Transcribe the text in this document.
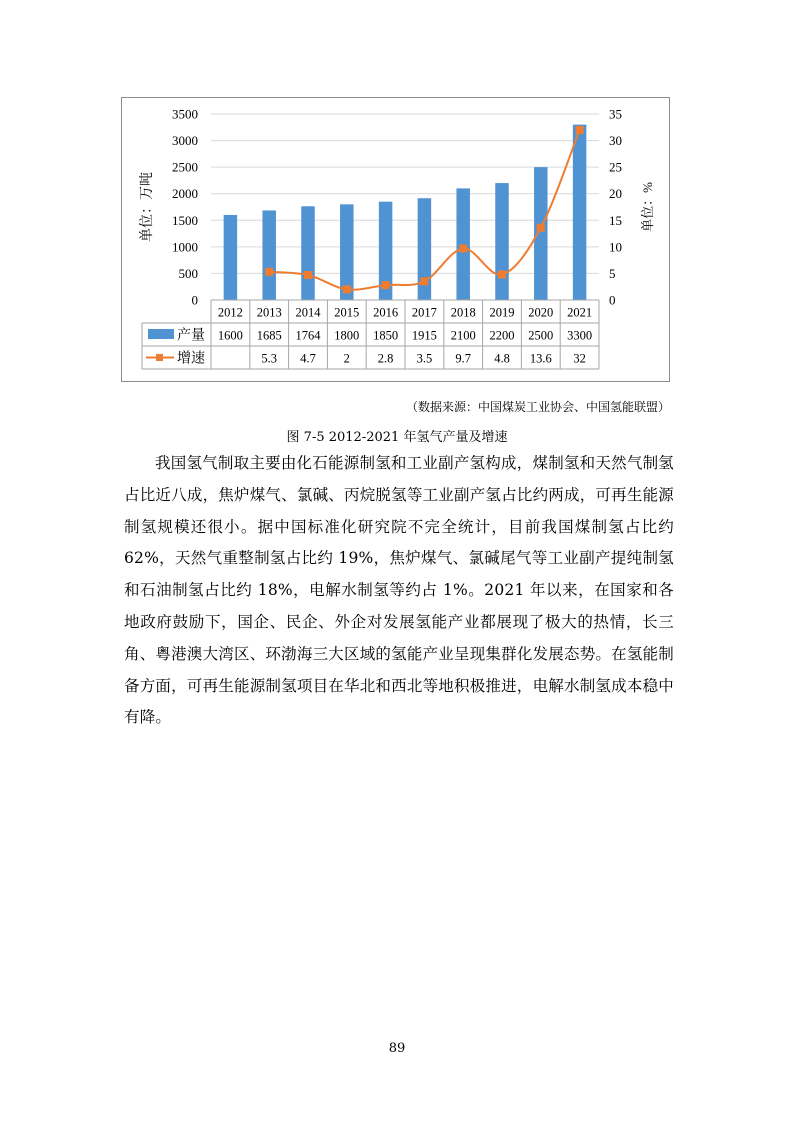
0
500
1000
1500
2000
2500
3000
3500
0
5
10
15
20
25
30
35
单位：万吨	单位：%
2012 2013 2014 2015 2016 2017 2018 2019 2020 2021
1600 1685 1764 1800 1850 1915 2100 2200 2500 3300
5.3 4.7 2 2.8 3.5 9.7 4.8 13.6 32
产量
增速
（数据来源：中国煤炭工业协会、中国氢能联盟）
图 7-5 2012-2021 年氢气产量及增速
我国氢气制取主要由化石能源制氢和工业副产氢构成，煤制氢和天然气制氢占比近八成，焦炉煤气、氯碱、丙烷脱氢等工业副产氢占比约两成，可再生能源制氢规模还很小。据中国标准化研究院不完全统计，目前我国煤制氢占比约 62%，天然气重整制氢占比约 19%，焦炉煤气、氯碱尾气等工业副产提纯制氢和石油制氢占比约 18%，电解水制氢等约占 1%。2021 年以来，在国家和各地政府鼓励下，国企、民企、外企对发展氢能产业都展现了极大的热情，长三角、粤港澳大湾区、环渤海三大区域的氢能产业呈现集群化发展态势。在氢能制备方面，可再生能源制氢项目在华北和西北等地积极推进，电解水制氢成本稳中有降。
89
